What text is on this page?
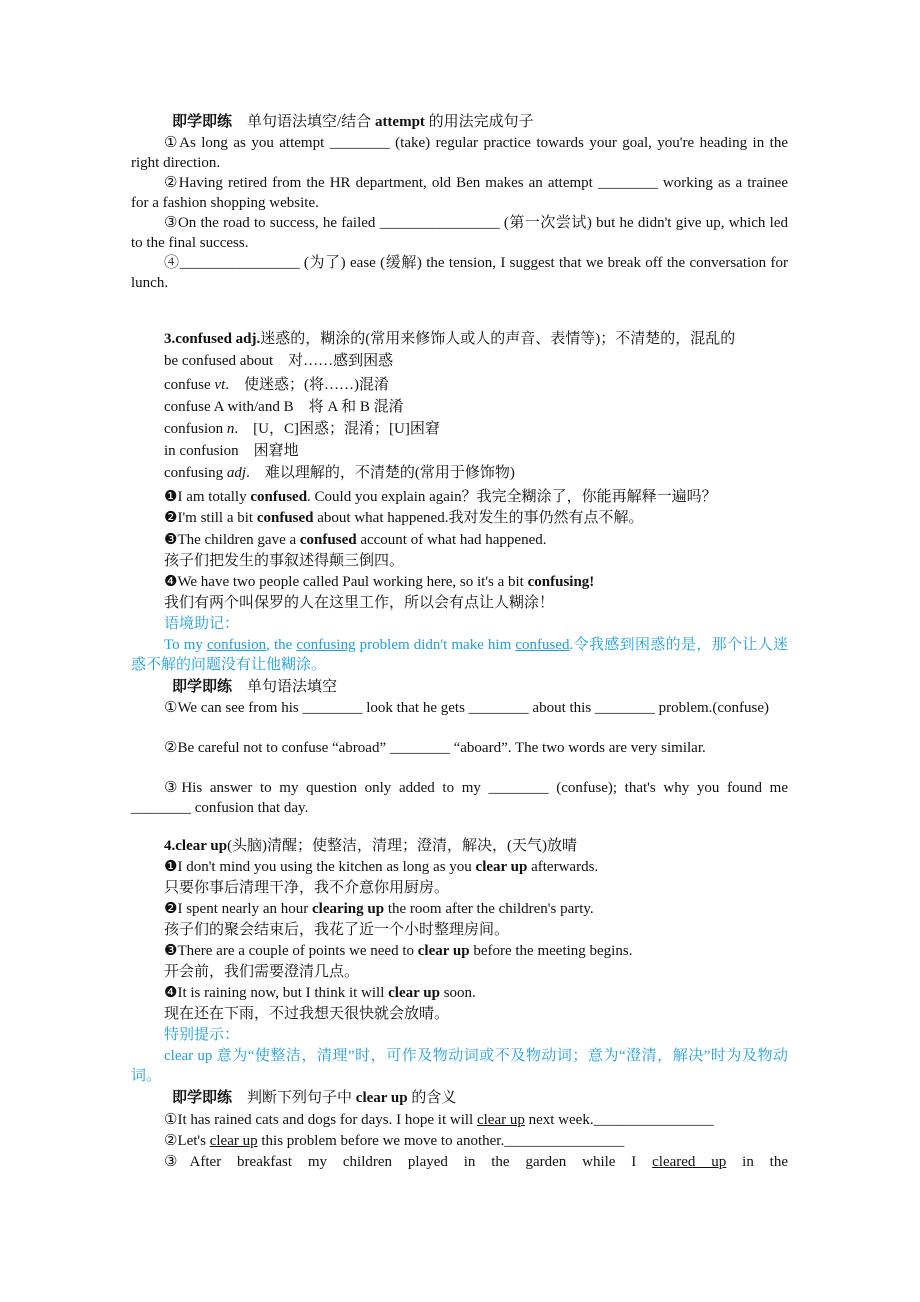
即学即练　单句语法填空/结合 attempt 的用法完成句子
①As long as you attempt ________ (take) regular practice towards your goal, you're heading in the right direction.
②Having retired from the HR department, old Ben makes an attempt ________ working as a trainee for a fashion shopping website.
③On the road to success, he failed ________________ (第一次尝试) but he didn't give up, which led to the final success.
④________________ (为了) ease (缓解) the tension, I suggest that we break off the conversation for lunch.
3.confused adj.迷惑的，糊涂的(常用来修饰人或人的声音、表情等)；不清楚的，混乱的
be confused about　对……感到困惑
confuse vt.　使迷惑；(将……)混淆
confuse A with/and B　将 A 和 B 混淆
confusion n.　[U，C]困惑；混淆；[U]困窘
in confusion　困窘地
confusing adj.　难以理解的，不清楚的(常用于修饰物)
❶I am totally confused. Could you explain again？我完全糊涂了，你能再解释一遍吗？
❷I'm still a bit confused about what happened.我对发生的事仍然有点不解。
❸The children gave a confused account of what had happened.
孩子们把发生的事叙述得颠三倒四。
❹We have two people called Paul working here, so it's a bit confusing!
我们有两个叫保罗的人在这里工作，所以会有点让人糊涂！
语境助记：
To my confusion, the confusing problem didn't make him confused.令我感到困惑的是，那个让人迷惑不解的问题没有让他糊涂。
即学即练　单句语法填空
①We can see from his ________ look that he gets ________ about this ________ problem.(confuse)
②Be careful not to confuse “abroad” ________ “aboard”. The two words are very similar.
③His answer to my question only added to my ________ (confuse); that's why you found me ________ confusion that day.
4.clear up(头脑)清醒；使整洁，清理；澄清，解决，(天气)放晴
❶I don't mind you using the kitchen as long as you clear up afterwards.
只要你事后清理干净，我不介意你用厨房。
❷I spent nearly an hour clearing up the room after the children's party.
孩子们的聚会结束后，我花了近一个小时整理房间。
❸There are a couple of points we need to clear up before the meeting begins.
开会前，我们需要澄清几点。
❹It is raining now, but I think it will clear up soon.
现在还在下雨，不过我想天很快就会放晴。
特别提示：
clear up 意为“使整洁，清理”时，可作及物动词或不及物动词；意为“澄清，解决”时为及物动词。
即学即练　判断下列句子中 clear up 的含义
①It has rained cats and dogs for days. I hope it will clear up next week.________________
②Let's clear up this problem before we move to another.________________
③After breakfast my children played in the garden while I cleared up in the
